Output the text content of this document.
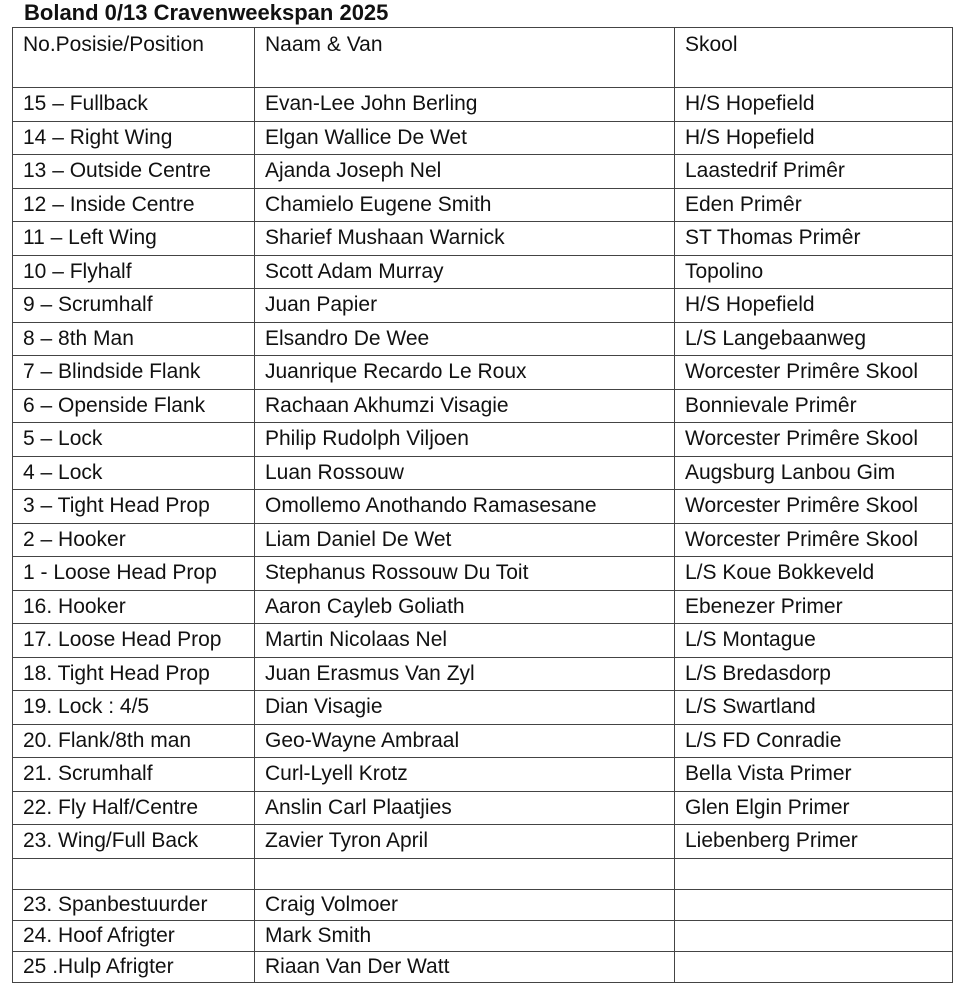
Boland 0/13 Cravenweekspan 2025
No.Posisie/Position	Naam & Van	Skool
15 – Fullback	Evan-Lee John Berling	H/S Hopefield
14 – Right Wing	Elgan Wallice De Wet	H/S Hopefield
13 – Outside Centre	Ajanda Joseph Nel	Laastedrif Primêr
12 – Inside Centre	Chamielo Eugene Smith	Eden Primêr
11 – Left Wing	Sharief Mushaan Warnick	ST Thomas Primêr
10 – Flyhalf	Scott Adam Murray	Topolino
9 – Scrumhalf	Juan Papier	H/S Hopefield
8 – 8th Man	Elsandro De Wee	L/S Langebaanweg
7 – Blindside Flank	Juanrique Recardo Le Roux	Worcester Primêre Skool
6 – Openside Flank	Rachaan Akhumzi Visagie	Bonnievale Primêr
5 – Lock	Philip Rudolph Viljoen	Worcester Primêre Skool
4 – Lock	Luan Rossouw	Augsburg Lanbou Gim
3 – Tight Head Prop	Omollemo Anothando Ramasesane	Worcester Primêre Skool
2 – Hooker	Liam Daniel De Wet	Worcester Primêre Skool
1 - Loose Head Prop	Stephanus Rossouw Du Toit	L/S Koue Bokkeveld
16. Hooker	Aaron Cayleb Goliath	Ebenezer Primer
17. Loose Head Prop	Martin Nicolaas Nel	L/S Montague
18. Tight Head Prop	Juan Erasmus Van Zyl	L/S Bredasdorp
19. Lock : 4/5	Dian Visagie	L/S Swartland
20. Flank/8th man	Geo-Wayne Ambraal	L/S FD Conradie
21. Scrumhalf	Curl-Lyell Krotz	Bella Vista Primer
22. Fly Half/Centre	Anslin Carl Plaatjies	Glen Elgin Primer
23. Wing/Full Back	Zavier Tyron April	Liebenberg Primer

23. Spanbestuurder	Craig Volmoer	
24. Hoof Afrigter	Mark Smith	
25 .Hulp Afrigter	Riaan Van Der Watt	
